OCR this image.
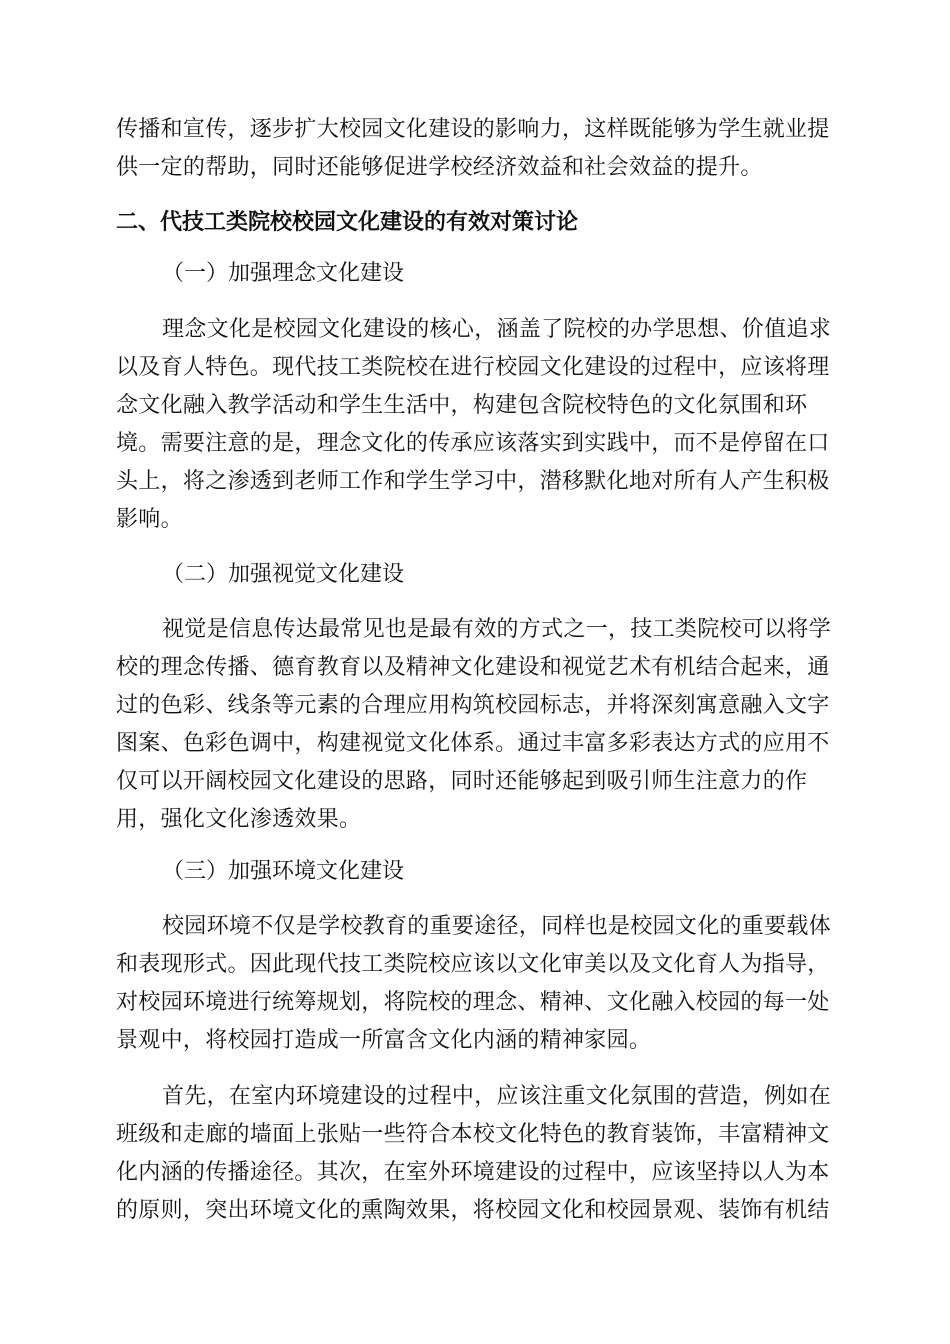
传播和宣传，逐步扩大校园文化建设的影响力，这样既能够为学生就业提
供一定的帮助，同时还能够促进学校经济效益和社会效益的提升。
二、代技工类院校校园文化建设的有效对策讨论
（一）加强理念文化建设
理念文化是校园文化建设的核心，涵盖了院校的办学思想、价值追求
以及育人特色。现代技工类院校在进行校园文化建设的过程中，应该将理
念文化融入教学活动和学生生活中，构建包含院校特色的文化氛围和环
境。需要注意的是，理念文化的传承应该落实到实践中，而不是停留在口
头上，将之渗透到老师工作和学生学习中，潜移默化地对所有人产生积极
影响。
（二）加强视觉文化建设
视觉是信息传达最常见也是最有效的方式之一，技工类院校可以将学
校的理念传播、德育教育以及精神文化建设和视觉艺术有机结合起来，通
过的色彩、线条等元素的合理应用构筑校园标志，并将深刻寓意融入文字
图案、色彩色调中，构建视觉文化体系。通过丰富多彩表达方式的应用不
仅可以开阔校园文化建设的思路，同时还能够起到吸引师生注意力的作
用，强化文化渗透效果。
（三）加强环境文化建设
校园环境不仅是学校教育的重要途径，同样也是校园文化的重要载体
和表现形式。因此现代技工类院校应该以文化审美以及文化育人为指导，
对校园环境进行统筹规划，将院校的理念、精神、文化融入校园的每一处
景观中，将校园打造成一所富含文化内涵的精神家园。
首先，在室内环境建设的过程中，应该注重文化氛围的营造，例如在
班级和走廊的墙面上张贴一些符合本校文化特色的教育装饰，丰富精神文
化内涵的传播途径。其次，在室外环境建设的过程中，应该坚持以人为本
的原则，突出环境文化的熏陶效果，将校园文化和校园景观、装饰有机结
